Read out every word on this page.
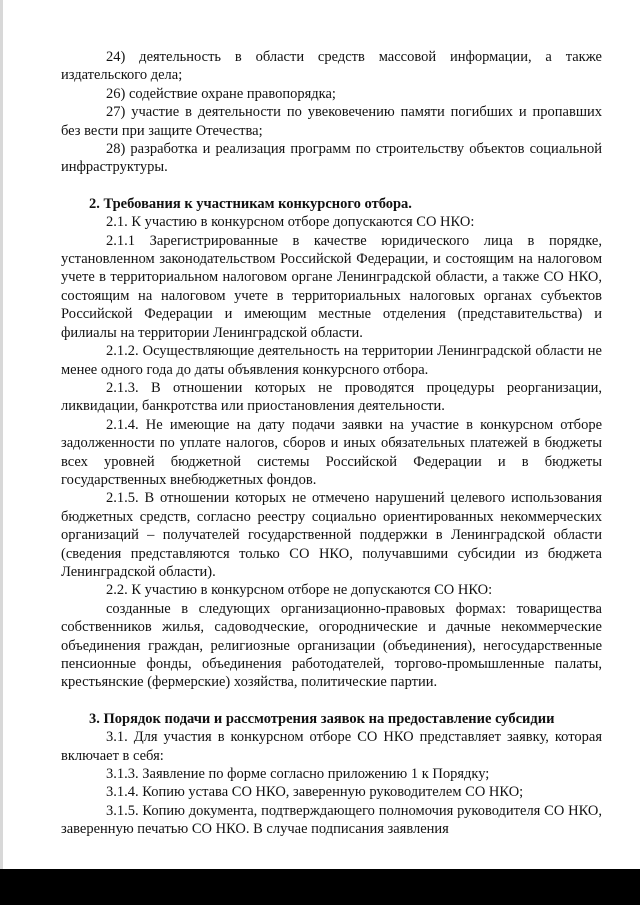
24) деятельность в области средств массовой информации, а также издательского дела;

26) содействие охране правопорядка;

27) участие в деятельности по увековечению памяти погибших и пропавших без вести при защите Отечества;

28) разработка и реализация программ по строительству объектов социальной инфраструктуры.

2. Требования к участникам конкурсного отбора.

2.1. К участию в конкурсном отборе допускаются СО НКО:

2.1.1 Зарегистрированные в качестве юридического лица в порядке, установленном законодательством Российской Федерации, и состоящим на налоговом учете в территориальном налоговом органе Ленинградской области, а также СО НКО, состоящим на налоговом учете в территориальных налоговых органах субъектов Российской Федерации и имеющим местные отделения (представительства) и филиалы на территории Ленинградской области.

2.1.2. Осуществляющие деятельность на территории Ленинградской области не менее одного года до даты объявления конкурсного отбора.

2.1.3. В отношении которых не проводятся процедуры реорганизации, ликвидации, банкротства или приостановления деятельности.

2.1.4. Не имеющие на дату подачи заявки на участие в конкурсном отборе задолженности по уплате налогов, сборов и иных обязательных платежей в бюджеты всех уровней бюджетной системы Российской Федерации и в бюджеты государственных внебюджетных фондов.

2.1.5. В отношении которых не отмечено нарушений целевого использования бюджетных средств, согласно реестру социально ориентированных некоммерческих организаций – получателей государственной поддержки в Ленинградской области (сведения представляются только СО НКО, получавшими субсидии из бюджета Ленинградской области).

2.2. К участию в конкурсном отборе не допускаются СО НКО:

созданные в следующих организационно-правовых формах: товарищества собственников жилья, садоводческие, огороднические и дачные некоммерческие объединения граждан, религиозные организации (объединения), негосударственные пенсионные фонды, объединения работодателей, торгово-промышленные палаты, крестьянские (фермерские) хозяйства, политические партии.

3. Порядок подачи и рассмотрения заявок на предоставление субсидии

3.1. Для участия в конкурсном отборе СО НКО представляет заявку, которая включает в себя:

3.1.3. Заявление по форме согласно приложению 1 к Порядку;

3.1.4. Копию устава СО НКО, заверенную руководителем СО НКО;

3.1.5. Копию документа, подтверждающего полномочия руководителя СО НКО, заверенную печатью СО НКО. В случае подписания заявления
